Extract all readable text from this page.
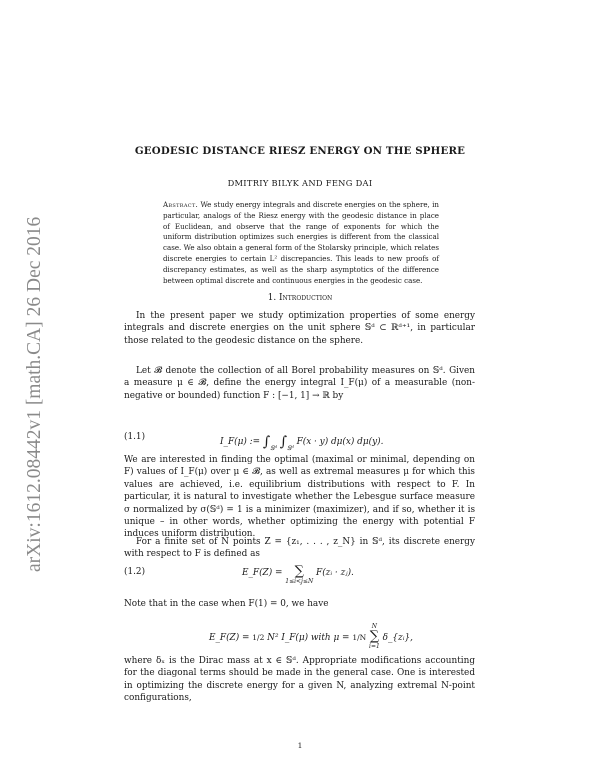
arXiv:1612.08442v1 [math.CA] 26 Dec 2016
GEODESIC DISTANCE RIESZ ENERGY ON THE SPHERE
DMITRIY BILYK AND FENG DAI
Abstract. We study energy integrals and discrete energies on the sphere, in particular, analogs of the Riesz energy with the geodesic distance in place of Euclidean, and observe that the range of exponents for which the uniform distribution optimizes such energies is different from the classical case. We also obtain a general form of the Stolarsky principle, which relates discrete energies to certain L² discrepancies. This leads to new proofs of discrepancy estimates, as well as the sharp asymptotics of the difference between optimal discrete and continuous energies in the geodesic case.
1. Introduction
In the present paper we study optimization properties of some energy integrals and discrete energies on the unit sphere 𝕊ᵈ ⊂ ℝᵈ⁺¹, in particular those related to the geodesic distance on the sphere.
Let 𝓑 denote the collection of all Borel probability measures on 𝕊ᵈ. Given a measure μ ∈ 𝓑, define the energy integral I_F(μ) of a measurable (non-negative or bounded) function F : [−1, 1] → ℝ by
(1.1)	I_F(μ) := $\int_{𝕊ᵈ}$ $\int_{𝕊ᵈ}$ F(x · y) dμ(x) dμ(y).
We are interested in finding the optimal (maximal or minimal, depending on F) values of I_F(μ) over μ ∈ 𝓑, as well as extremal measures μ for which this values are achieved, i.e. equilibrium distributions with respect to F. In particular, it is natural to investigate whether the Lebesgue surface measure σ normalized by σ(𝕊ᵈ) = 1 is a minimizer (maximizer), and if so, whether it is unique – in other words, whether optimizing the energy with potential F induces uniform distribution.
For a finite set of N points Z = {z₁, . . . , z_N} in 𝕊ᵈ, its discrete energy with respect to F is defined as
(1.2)	E_F(Z) = ∑
1≤i<j≤N
F(zᵢ · zⱼ).
Note that in the case when F(1) = 0, we have
E_F(Z) = 1/2 N² I_F(μ) with μ = 1/N
N
∑
i=1
δ_{zᵢ},
where δₓ is the Dirac mass at x ∈ 𝕊ᵈ. Appropriate modifications accounting for the diagonal terms should be made in the general case. One is interested in optimizing the discrete energy for a given N, analyzing extremal N-point configurations,
1
